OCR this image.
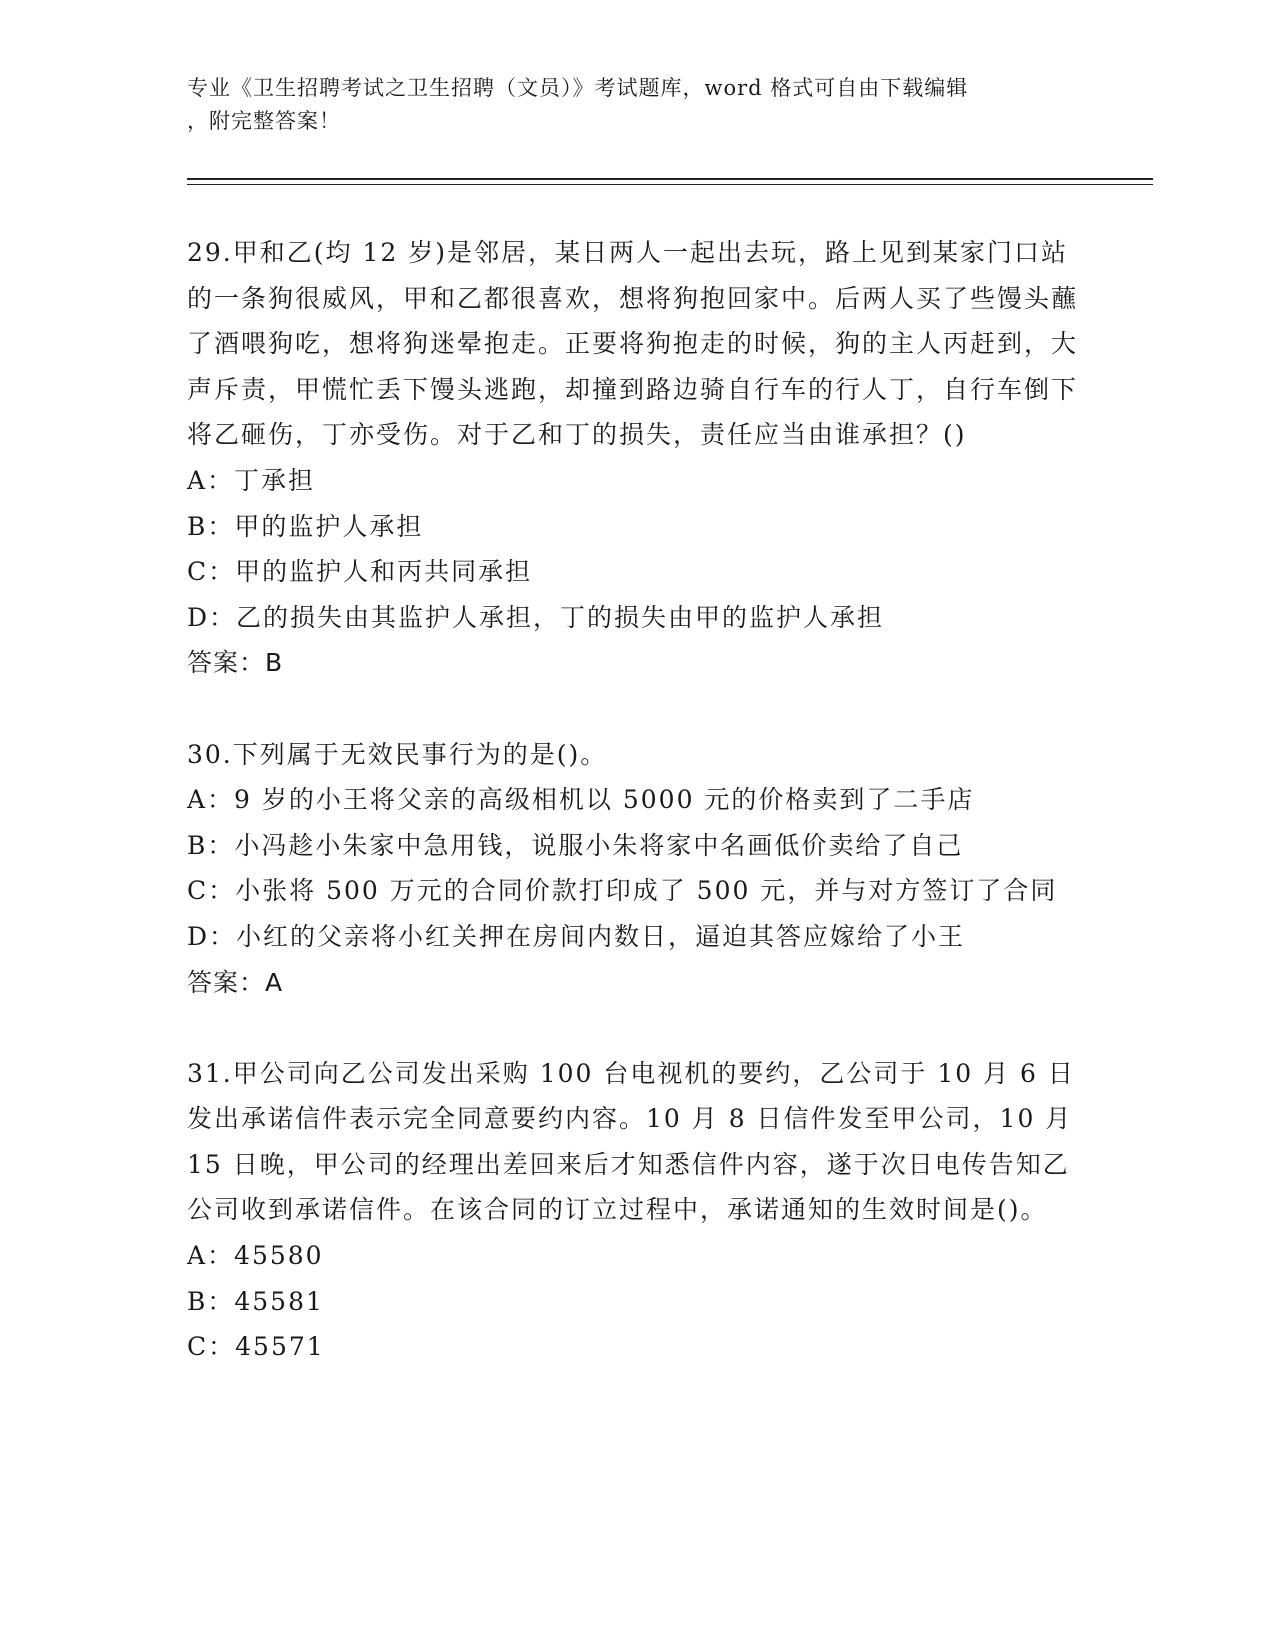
专业《卫生招聘考试之卫生招聘（文员）》考试题库，word 格式可自由下载编辑
，附完整答案！

29.甲和乙(均 12 岁)是邻居，某日两人一起出去玩，路上见到某家门口站的一条狗很威风，甲和乙都很喜欢，想将狗抱回家中。后两人买了些馒头蘸了酒喂狗吃，想将狗迷晕抱走。正要将狗抱走的时候，狗的主人丙赶到，大声斥责，甲慌忙丢下馒头逃跑，却撞到路边骑自行车的行人丁，自行车倒下将乙砸伤，丁亦受伤。对于乙和丁的损失，责任应当由谁承担？()

A：丁承担

B：甲的监护人承担

C：甲的监护人和丙共同承担

D：乙的损失由其监护人承担，丁的损失由甲的监护人承担

答案：B

30.下列属于无效民事行为的是()。

A：9 岁的小王将父亲的高级相机以 5000 元的价格卖到了二手店

B：小冯趁小朱家中急用钱，说服小朱将家中名画低价卖给了自己

C：小张将 500 万元的合同价款打印成了 500 元，并与对方签订了合同

D：小红的父亲将小红关押在房间内数日，逼迫其答应嫁给了小王

答案：A

31.甲公司向乙公司发出采购 100 台电视机的要约，乙公司于 10 月 6 日发出承诺信件表示完全同意要约内容。10 月 8 日信件发至甲公司，10 月 15 日晚，甲公司的经理出差回来后才知悉信件内容，遂于次日电传告知乙公司收到承诺信件。在该合同的订立过程中，承诺通知的生效时间是()。

A：45580

B：45581

C：45571
